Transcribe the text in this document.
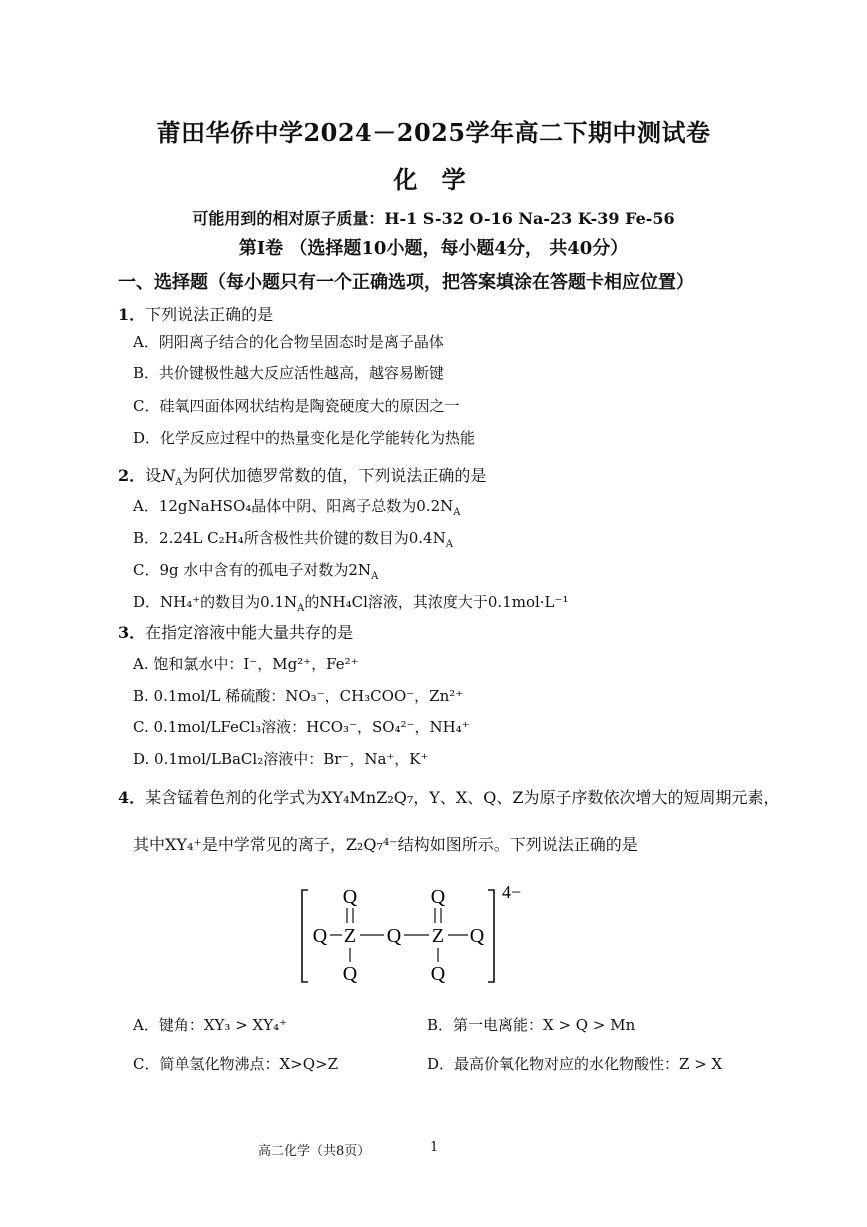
莆田华侨中学2024－2025学年高二下期中测试卷
化 学
可能用到的相对原子质量：H-1 S-32 O-16 Na-23 K-39 Fe-56
第Ⅰ卷 （选择题10小题，每小题4分， 共40分）
一、选择题（每小题只有一个正确选项，把答案填涂在答题卡相应位置）
1．下列说法正确的是
A．阴阳离子结合的化合物呈固态时是离子晶体
B．共价键极性越大反应活性越高，越容易断键
C．硅氧四面体网状结构是陶瓷硬度大的原因之一
D．化学反应过程中的热量变化是化学能转化为热能
2．设$N_A$为阿伏加德罗常数的值，下列说法正确的是
A．12gNaHSO₄晶体中阴、阳离子总数为$0.2N_A$
B．2.24L C₂H₄所含极性共价键的数目为$0.4N_A$
C．9g 水中含有的孤电子对数为$2N_A$
D．NH₄⁺的数目为$0.1N_A$的NH₄Cl溶液，其浓度大于0.1mol·L⁻¹
3．在指定溶液中能大量共存的是
A. 饱和氯水中：I⁻，Mg²⁺，Fe²⁺
B. 0.1mol/L 稀硫酸：NO₃⁻，CH₃COO⁻，Zn²⁺
C. 0.1mol/LFeCl₃溶液：HCO₃⁻，SO₄²⁻，NH₄⁺
D. 0.1mol/LBaCl₂溶液中：Br⁻，Na⁺，K⁺
4．某含锰着色剂的化学式为XY₄MnZ₂Q₇，Y、X、Q、Z为原子序数依次增大的短周期元素，
其中XY₄⁺是中学常见的离子，Z₂Q₇⁴⁻结构如图所示。下列说法正确的是
4−
Q	Q
Q Z Q Z Q
Q	Q
A．键角：XY₃ > XY₄⁺	B．第一电离能：X > Q > Mn
C．简单氢化物沸点：X>Q>Z	D．最高价氧化物对应的水化物酸性：Z > X
高二化学（共8页）	1
